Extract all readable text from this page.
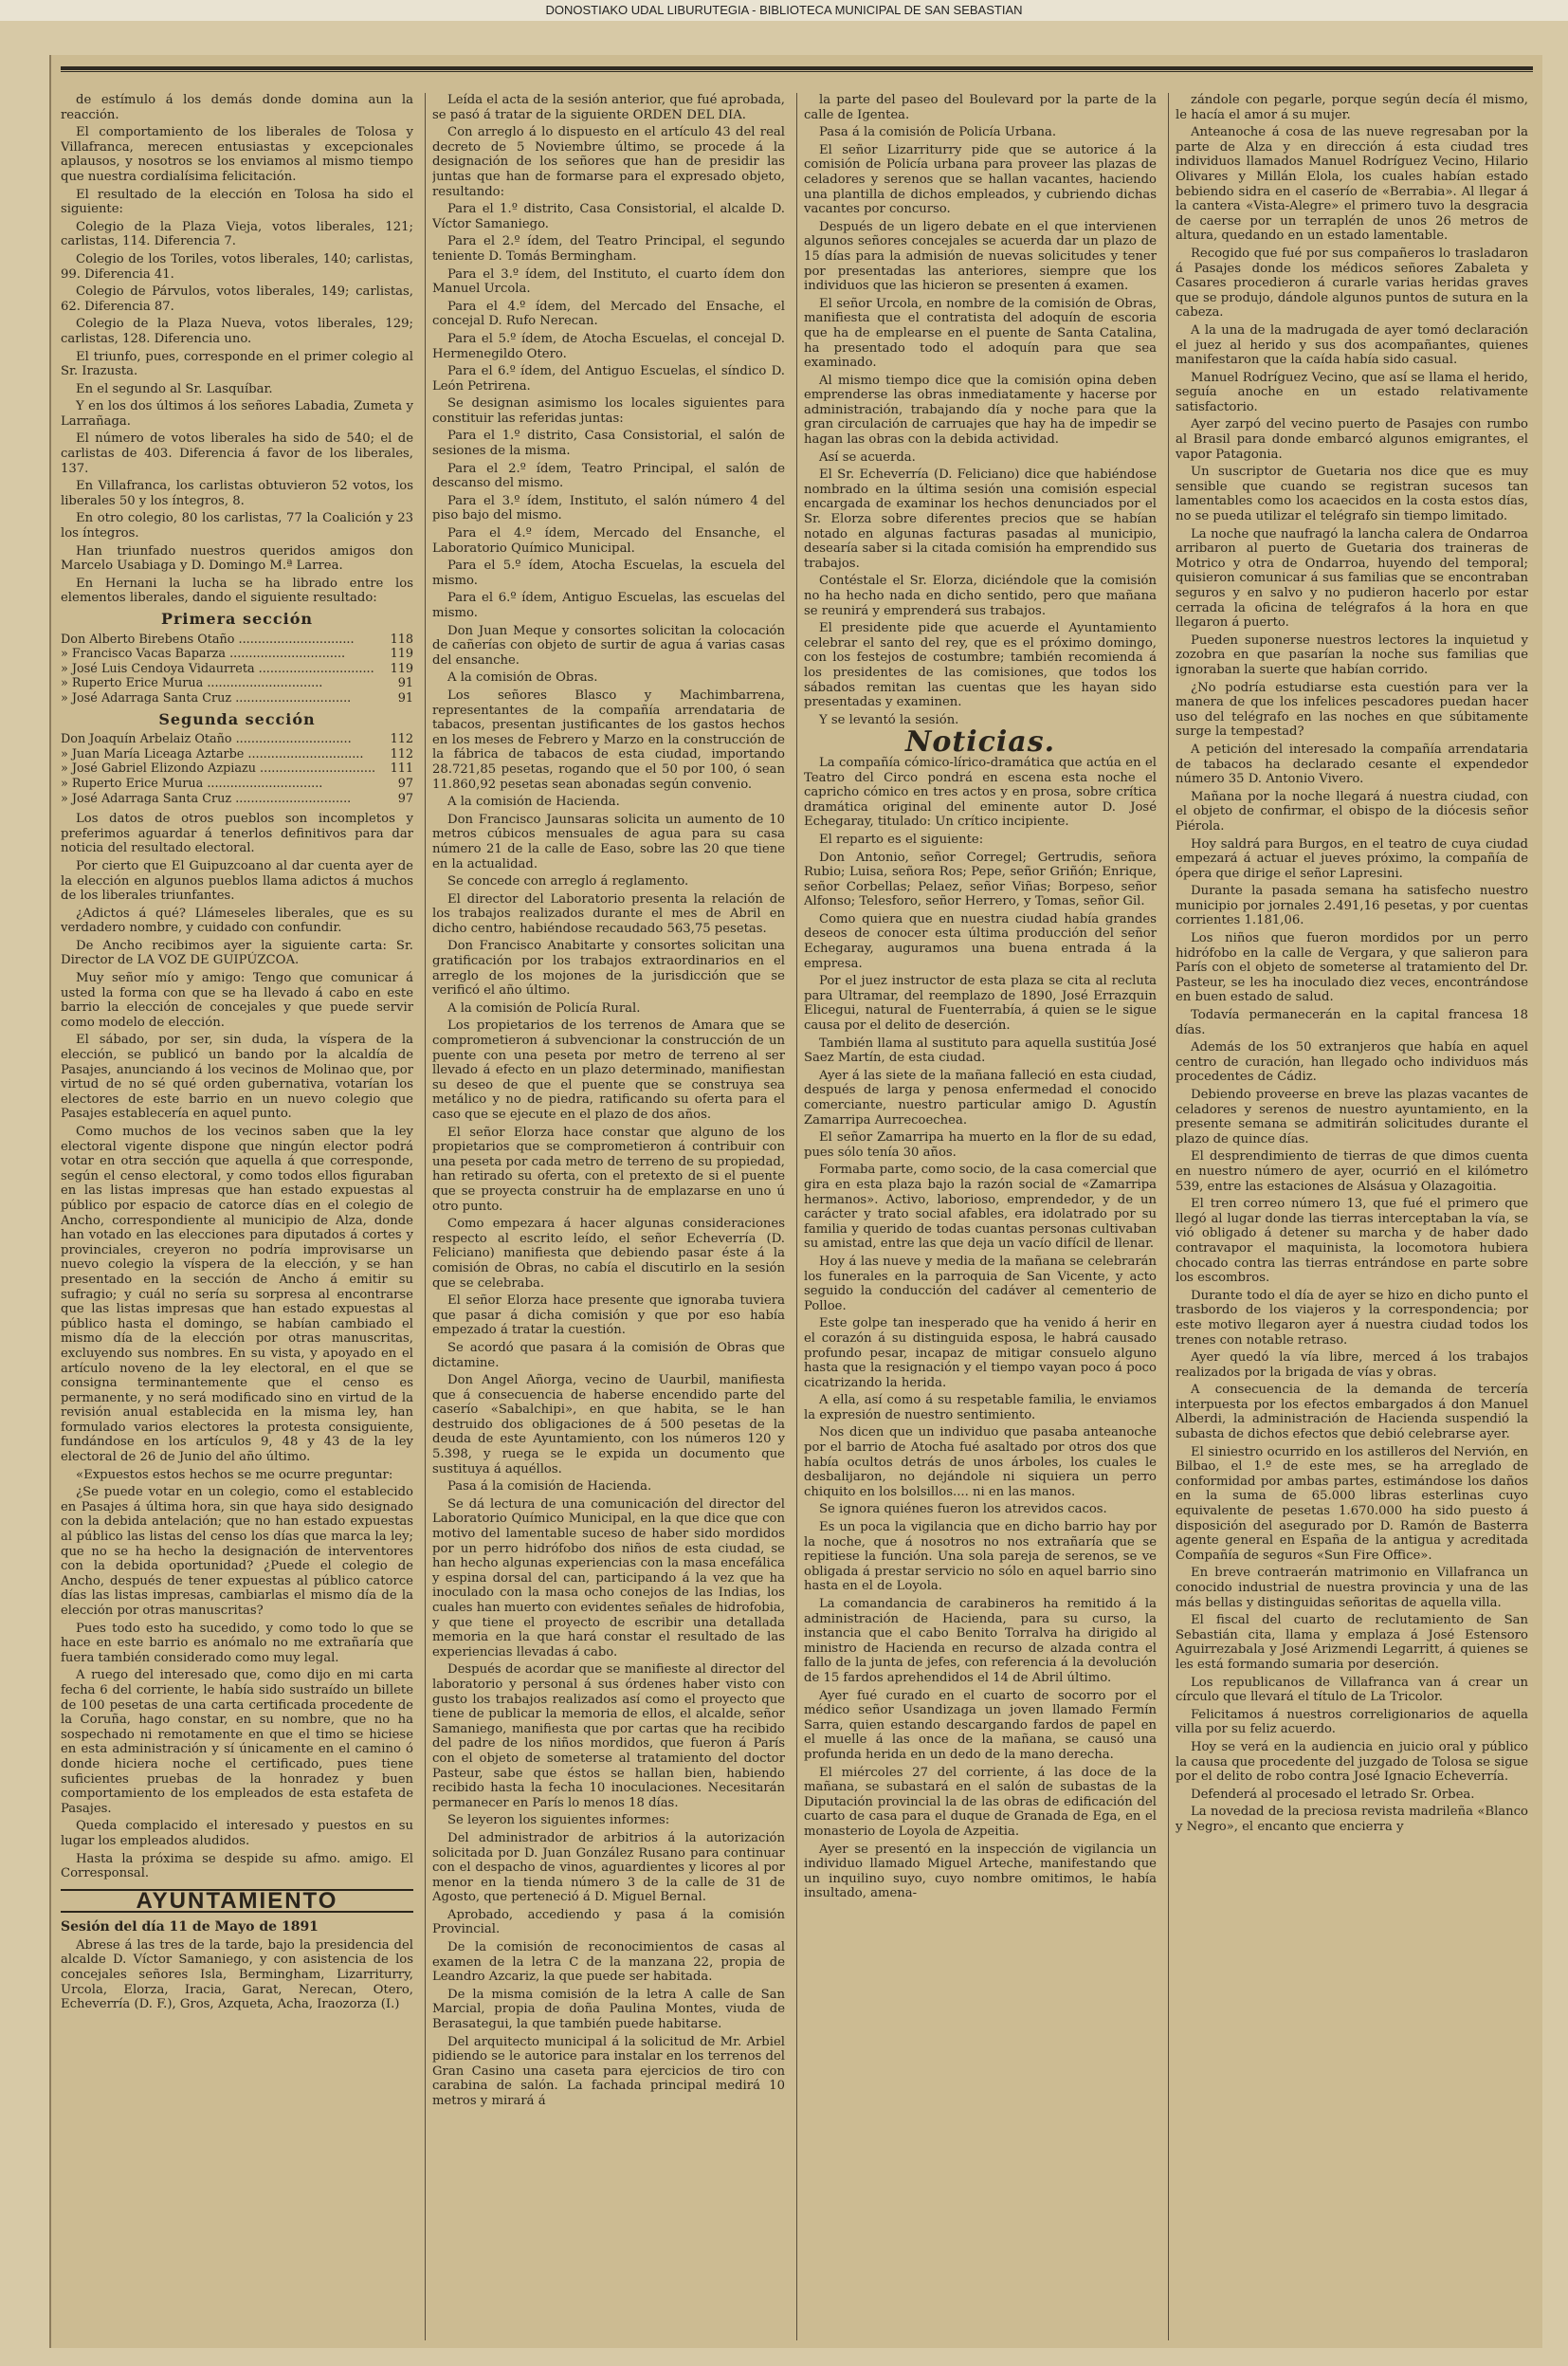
DONOSTIAKO UDAL LIBURUTEGIA - BIBLIOTECA MUNICIPAL DE SAN SEBASTIAN

de estímulo á los demás donde domina aun la reacción.

El comportamiento de los liberales de Tolosa y Villafranca, merecen entusiastas y excepcionales aplausos, y nosotros se los enviamos al mismo tiempo que nuestra cordialísima felicitación.

El resultado de la elección en Tolosa ha sido el siguiente:

Colegio de la Plaza Vieja, votos liberales, 121; carlistas, 114. Diferencia 7.

Colegio de los Toriles, votos liberales, 140; carlistas, 99. Diferencia 41.

Colegio de Párvulos, votos liberales, 149; carlistas, 62. Diferencia 87.

Colegio de la Plaza Nueva, votos liberales, 129; carlistas, 128. Diferencia uno.

El triunfo, pues, corresponde en el primer colegio al Sr. Irazusta.

En el segundo al Sr. Lasquíbar.

Y en los dos últimos á los señores Labadia, Zumeta y Larrañaga.

El número de votos liberales ha sido de 540; el de carlistas de 403. Diferencia á favor de los liberales, 137.

En Villafranca, los carlistas obtuvieron 52 votos, los liberales 50 y los íntegros, 8.

En otro colegio, 80 los carlistas, 77 la Coalición y 23 los íntegros.

Han triunfado nuestros queridos amigos don Marcelo Usabiaga y D. Domingo M.ª Larrea.

En Hernani la lucha se ha librado entre los elementos liberales, dando el siguiente resultado:

Primera sección
Don Alberto Birebens Otaño ..............................	118
» Francisco Vacas Baparza ..............................	119
» José Luis Cendoya Vidaurreta ..............................	119
» Ruperto Erice Murua ..............................	91
» José Adarraga Santa Cruz ..............................	91
Segunda sección
Don Joaquín Arbelaiz Otaño ..............................	112
» Juan María Liceaga Aztarbe ..............................	112
» José Gabriel Elizondo Azpiazu ..............................	111
» Ruperto Erice Murua ..............................	97
» José Adarraga Santa Cruz ..............................	97

Los datos de otros pueblos son incompletos y preferimos aguardar á tenerlos definitivos para dar noticia del resultado electoral.

Por cierto que El Guipuzcoano al dar cuenta ayer de la elección en algunos pueblos llama adictos á muchos de los liberales triunfantes.

¿Adictos á qué? Llámeseles liberales, que es su verdadero nombre, y cuidado con confundir.

De Ancho recibimos ayer la siguiente carta: Sr. Director de LA VOZ DE GUIPÚZCOA.

Muy señor mío y amigo: Tengo que comunicar á usted la forma con que se ha llevado á cabo en este barrio la elección de concejales y que puede servir como modelo de elección.

El sábado, por ser, sin duda, la víspera de la elección, se publicó un bando por la alcaldía de Pasajes, anunciando á los vecinos de Molinao que, por virtud de no sé qué orden gubernativa, votarían los electores de este barrio en un nuevo colegio que Pasajes establecería en aquel punto.

Como muchos de los vecinos saben que la ley electoral vigente dispone que ningún elector podrá votar en otra sección que aquella á que corresponde, según el censo electoral, y como todos ellos figuraban en las listas impresas que han estado expuestas al público por espacio de catorce días en el colegio de Ancho, correspondiente al municipio de Alza, donde han votado en las elecciones para diputados á cortes y provinciales, creyeron no podría improvisarse un nuevo colegio la víspera de la elección, y se han presentado en la sección de Ancho á emitir su sufragio; y cuál no sería su sorpresa al encontrarse que las listas impresas que han estado expuestas al público hasta el domingo, se habían cambiado el mismo día de la elección por otras manuscritas, excluyendo sus nombres. En su vista, y apoyado en el artículo noveno de la ley electoral, en el que se consigna terminantemente que el censo es permanente, y no será modificado sino en virtud de la revisión anual establecida en la misma ley, han formulado varios electores la protesta consiguiente, fundándose en los artículos 9, 48 y 43 de la ley electoral de 26 de Junio del año último.

«Expuestos estos hechos se me ocurre preguntar:

¿Se puede votar en un colegio, como el establecido en Pasajes á última hora, sin que haya sido designado con la debida antelación; que no han estado expuestas al público las listas del censo los días que marca la ley; que no se ha hecho la designación de interventores con la debida oportunidad? ¿Puede el colegio de Ancho, después de tener expuestas al público catorce días las listas impresas, cambiarlas el mismo día de la elección por otras manuscritas?

Pues todo esto ha sucedido, y como todo lo que se hace en este barrio es anómalo no me extrañaría que fuera también considerado como muy legal.

A ruego del interesado que, como dijo en mi carta fecha 6 del corriente, le había sido sustraído un billete de 100 pesetas de una carta certificada procedente de la Coruña, hago constar, en su nombre, que no ha sospechado ni remotamente en que el timo se hiciese en esta administración y sí únicamente en el camino ó donde hiciera noche el certificado, pues tiene suficientes pruebas de la honradez y buen comportamiento de los empleados de esta estafeta de Pasajes.

Queda complacido el interesado y puestos en su lugar los empleados aludidos.

Hasta la próxima se despide su afmo. amigo. El Corresponsal.

AYUNTAMIENTO

Sesión del día 11 de Mayo de 1891

Abrese á las tres de la tarde, bajo la presidencia del alcalde D. Víctor Samaniego, y con asistencia de los concejales señores Isla, Bermingham, Lizarriturry, Urcola, Elorza, Iracia, Garat, Nerecan, Otero, Echeverría (D. F.), Gros, Azqueta, Acha, Iraozorza (I.)

Leída el acta de la sesión anterior, que fué aprobada, se pasó á tratar de la siguiente ORDEN DEL DIA.

Con arreglo á lo dispuesto en el artículo 43 del real decreto de 5 Noviembre último, se procede á la designación de los señores que han de presidir las juntas que han de formarse para el expresado objeto, resultando:

Para el 1.º distrito, Casa Consistorial, el alcalde D. Víctor Samaniego.

Para el 2.º ídem, del Teatro Principal, el segundo teniente D. Tomás Bermingham.

Para el 3.º ídem, del Instituto, el cuarto ídem don Manuel Urcola.

Para el 4.º ídem, del Mercado del Ensache, el concejal D. Rufo Nerecan.

Para el 5.º ídem, de Atocha Escuelas, el concejal D. Hermenegildo Otero.

Para el 6.º ídem, del Antiguo Escuelas, el síndico D. León Petrirena.

Se designan asimismo los locales siguientes para constituir las referidas juntas:

Para el 1.º distrito, Casa Consistorial, el salón de sesiones de la misma.

Para el 2.º ídem, Teatro Principal, el salón de descanso del mismo.

Para el 3.º ídem, Instituto, el salón número 4 del piso bajo del mismo.

Para el 4.º ídem, Mercado del Ensanche, el Laboratorio Químico Municipal.

Para el 5.º ídem, Atocha Escuelas, la escuela del mismo.

Para el 6.º ídem, Antiguo Escuelas, las escuelas del mismo.

Don Juan Meque y consortes solicitan la colocación de cañerías con objeto de surtir de agua á varias casas del ensanche.

A la comisión de Obras.

Los señores Blasco y Machimbarrena, representantes de la compañía arrendataria de tabacos, presentan justificantes de los gastos hechos en los meses de Febrero y Marzo en la construcción de la fábrica de tabacos de esta ciudad, importando 28.721,85 pesetas, rogando que el 50 por 100, ó sean 11.860,92 pesetas sean abonadas según convenio.

A la comisión de Hacienda.

Don Francisco Jaunsaras solicita un aumento de 10 metros cúbicos mensuales de agua para su casa número 21 de la calle de Easo, sobre las 20 que tiene en la actualidad.

Se concede con arreglo á reglamento.

El director del Laboratorio presenta la relación de los trabajos realizados durante el mes de Abril en dicho centro, habiéndose recaudado 563,75 pesetas.

Don Francisco Anabitarte y consortes solicitan una gratificación por los trabajos extraordinarios en el arreglo de los mojones de la jurisdicción que se verificó el año último.

A la comisión de Policía Rural.

Los propietarios de los terrenos de Amara que se comprometieron á subvencionar la construcción de un puente con una peseta por metro de terreno al ser llevado á efecto en un plazo determinado, manifiestan su deseo de que el puente que se construya sea metálico y no de piedra, ratificando su oferta para el caso que se ejecute en el plazo de dos años.

El señor Elorza hace constar que alguno de los propietarios que se comprometieron á contribuir con una peseta por cada metro de terreno de su propiedad, han retirado su oferta, con el pretexto de si el puente que se proyecta construir ha de emplazarse en uno ú otro punto.

Como empezara á hacer algunas consideraciones respecto al escrito leído, el señor Echeverría (D. Feliciano) manifiesta que debiendo pasar éste á la comisión de Obras, no cabía el discutirlo en la sesión que se celebraba.

El señor Elorza hace presente que ignoraba tuviera que pasar á dicha comisión y que por eso había empezado á tratar la cuestión.

Se acordó que pasara á la comisión de Obras que dictamine.

Don Angel Añorga, vecino de Uaurbil, manifiesta que á consecuencia de haberse encendido parte del caserío «Sabalchipi», en que habita, se le han destruido dos obligaciones de á 500 pesetas de la deuda de este Ayuntamiento, con los números 120 y 5.398, y ruega se le expida un documento que sustituya á aquéllos.

Pasa á la comisión de Hacienda.

Se dá lectura de una comunicación del director del Laboratorio Químico Municipal, en la que dice que con motivo del lamentable suceso de haber sido mordidos por un perro hidrófobo dos niños de esta ciudad, se han hecho algunas experiencias con la masa encefálica y espina dorsal del can, participando á la vez que ha inoculado con la masa ocho conejos de las Indias, los cuales han muerto con evidentes señales de hidrofobia, y que tiene el proyecto de escribir una detallada memoria en la que hará constar el resultado de las experiencias llevadas á cabo.

Después de acordar que se manifieste al director del laboratorio y personal á sus órdenes haber visto con gusto los trabajos realizados así como el proyecto que tiene de publicar la memoria de ellos, el alcalde, señor Samaniego, manifiesta que por cartas que ha recibido del padre de los niños mordidos, que fueron á París con el objeto de someterse al tratamiento del doctor Pasteur, sabe que éstos se hallan bien, habiendo recibido hasta la fecha 10 inoculaciones. Necesitarán permanecer en París lo menos 18 días.

Se leyeron los siguientes informes:

Del administrador de arbitrios á la autorización solicitada por D. Juan González Rusano para continuar con el despacho de vinos, aguardientes y licores al por menor en la tienda número 3 de la calle de 31 de Agosto, que perteneció á D. Miguel Bernal.

Aprobado, accediendo y pasa á la comisión Provincial.

De la comisión de reconocimientos de casas al examen de la letra C de la manzana 22, propia de Leandro Azcariz, la que puede ser habitada.

De la misma comisión de la letra A calle de San Marcial, propia de doña Paulina Montes, viuda de Berasategui, la que también puede habitarse.

Del arquitecto municipal á la solicitud de Mr. Arbiel pidiendo se le autorice para instalar en los terrenos del Gran Casino una caseta para ejercicios de tiro con carabina de salón. La fachada principal medirá 10 metros y mirará á

la parte del paseo del Boulevard por la parte de la calle de Igentea.

Pasa á la comisión de Policía Urbana.

El señor Lizarriturry pide que se autorice á la comisión de Policía urbana para proveer las plazas de celadores y serenos que se hallan vacantes, haciendo una plantilla de dichos empleados, y cubriendo dichas vacantes por concurso.

Después de un ligero debate en el que intervienen algunos señores concejales se acuerda dar un plazo de 15 días para la admisión de nuevas solicitudes y tener por presentadas las anteriores, siempre que los individuos que las hicieron se presenten á examen.

El señor Urcola, en nombre de la comisión de Obras, manifiesta que el contratista del adoquín de escoria que ha de emplearse en el puente de Santa Catalina, ha presentado todo el adoquín para que sea examinado.

Al mismo tiempo dice que la comisión opina deben emprenderse las obras inmediatamente y hacerse por administración, trabajando día y noche para que la gran circulación de carruajes que hay ha de impedir se hagan las obras con la debida actividad.

Así se acuerda.

El Sr. Echeverría (D. Feliciano) dice que habiéndose nombrado en la última sesión una comisión especial encargada de examinar los hechos denunciados por el Sr. Elorza sobre diferentes precios que se habían notado en algunas facturas pasadas al municipio, desearía saber si la citada comisión ha emprendido sus trabajos.

Contéstale el Sr. Elorza, diciéndole que la comisión no ha hecho nada en dicho sentido, pero que mañana se reunirá y emprenderá sus trabajos.

El presidente pide que acuerde el Ayuntamiento celebrar el santo del rey, que es el próximo domingo, con los festejos de costumbre; también recomienda á los presidentes de las comisiones, que todos los sábados remitan las cuentas que les hayan sido presentadas y examinen.

Y se levantó la sesión.

Noticias.

La compañía cómico-lírico-dramática que actúa en el Teatro del Circo pondrá en escena esta noche el capricho cómico en tres actos y en prosa, sobre crítica dramática original del eminente autor D. José Echegaray, titulado: Un crítico incipiente.

El reparto es el siguiente:

Don Antonio, señor Corregel; Gertrudis, señora Rubio; Luisa, señora Ros; Pepe, señor Griñón; Enrique, señor Corbellas; Pelaez, señor Viñas; Borpeso, señor Alfonso; Telesforo, señor Herrero, y Tomas, señor Gil.

Como quiera que en nuestra ciudad había grandes deseos de conocer esta última producción del señor Echegaray, auguramos una buena entrada á la empresa.

Por el juez instructor de esta plaza se cita al recluta para Ultramar, del reemplazo de 1890, José Errazquin Elicegui, natural de Fuenterrabía, á quien se le sigue causa por el delito de deserción.

También llama al sustituto para aquella sustitúa José Saez Martín, de esta ciudad.

Ayer á las siete de la mañana falleció en esta ciudad, después de larga y penosa enfermedad el conocido comerciante, nuestro particular amigo D. Agustín Zamarripa Aurrecoechea.

El señor Zamarripa ha muerto en la flor de su edad, pues sólo tenía 30 años.

Formaba parte, como socio, de la casa comercial que gira en esta plaza bajo la razón social de «Zamarripa hermanos». Activo, laborioso, emprendedor, y de un carácter y trato social afables, era idolatrado por su familia y querido de todas cuantas personas cultivaban su amistad, entre las que deja un vacío difícil de llenar.

Hoy á las nueve y media de la mañana se celebrarán los funerales en la parroquia de San Vicente, y acto seguido la conducción del cadáver al cementerio de Polloe.

Este golpe tan inesperado que ha venido á herir en el corazón á su distinguida esposa, le habrá causado profundo pesar, incapaz de mitigar consuelo alguno hasta que la resignación y el tiempo vayan poco á poco cicatrizando la herida.

A ella, así como á su respetable familia, le enviamos la expresión de nuestro sentimiento.

Nos dicen que un individuo que pasaba anteanoche por el barrio de Atocha fué asaltado por otros dos que había ocultos detrás de unos árboles, los cuales le desbalijaron, no dejándole ni siquiera un perro chiquito en los bolsillos.... ni en las manos.

Se ignora quiénes fueron los atrevidos cacos.

Es un poca la vigilancia que en dicho barrio hay por la noche, que á nosotros no nos extrañaría que se repitiese la función. Una sola pareja de serenos, se ve obligada á prestar servicio no sólo en aquel barrio sino hasta en el de Loyola.

La comandancia de carabineros ha remitido á la administración de Hacienda, para su curso, la instancia que el cabo Benito Torralva ha dirigido al ministro de Hacienda en recurso de alzada contra el fallo de la junta de jefes, con referencia á la devolución de 15 fardos aprehendidos el 14 de Abril último.

Ayer fué curado en el cuarto de socorro por el médico señor Usandizaga un joven llamado Fermín Sarra, quien estando descargando fardos de papel en el muelle á las once de la mañana, se causó una profunda herida en un dedo de la mano derecha.

El miércoles 27 del corriente, á las doce de la mañana, se subastará en el salón de subastas de la Diputación provincial la de las obras de edificación del cuarto de casa para el duque de Granada de Ega, en el monasterio de Loyola de Azpeitia.

Ayer se presentó en la inspección de vigilancia un individuo llamado Miguel Arteche, manifestando que un inquilino suyo, cuyo nombre omitimos, le había insultado, amena-

zándole con pegarle, porque según decía él mismo, le hacía el amor á su mujer.

Anteanoche á cosa de las nueve regresaban por la parte de Alza y en dirección á esta ciudad tres individuos llamados Manuel Rodríguez Vecino, Hilario Olivares y Millán Elola, los cuales habían estado bebiendo sidra en el caserío de «Berrabia». Al llegar á la cantera «Vista-Alegre» el primero tuvo la desgracia de caerse por un terraplén de unos 26 metros de altura, quedando en un estado lamentable.

Recogido que fué por sus compañeros lo trasladaron á Pasajes donde los médicos señores Zabaleta y Casares procedieron á curarle varias heridas graves que se produjo, dándole algunos puntos de sutura en la cabeza.

A la una de la madrugada de ayer tomó declaración el juez al herido y sus dos acompañantes, quienes manifestaron que la caída había sido casual.

Manuel Rodríguez Vecino, que así se llama el herido, seguía anoche en un estado relativamente satisfactorio.

Ayer zarpó del vecino puerto de Pasajes con rumbo al Brasil para donde embarcó algunos emigrantes, el vapor Patagonia.

Un suscriptor de Guetaria nos dice que es muy sensible que cuando se registran sucesos tan lamentables como los acaecidos en la costa estos días, no se pueda utilizar el telégrafo sin tiempo limitado.

La noche que naufragó la lancha calera de Ondarroa arribaron al puerto de Guetaria dos traineras de Motrico y otra de Ondarroa, huyendo del temporal; quisieron comunicar á sus familias que se encontraban seguros y en salvo y no pudieron hacerlo por estar cerrada la oficina de telégrafos á la hora en que llegaron á puerto.

Pueden suponerse nuestros lectores la inquietud y zozobra en que pasarían la noche sus familias que ignoraban la suerte que habían corrido.

¿No podría estudiarse esta cuestión para ver la manera de que los infelices pescadores puedan hacer uso del telégrafo en las noches en que súbitamente surge la tempestad?

A petición del interesado la compañía arrendataria de tabacos ha declarado cesante el expendedor número 35 D. Antonio Vivero.

Mañana por la noche llegará á nuestra ciudad, con el objeto de confirmar, el obispo de la diócesis señor Piérola.

Hoy saldrá para Burgos, en el teatro de cuya ciudad empezará á actuar el jueves próximo, la compañía de ópera que dirige el señor Lapresini.

Durante la pasada semana ha satisfecho nuestro municipio por jornales 2.491,16 pesetas, y por cuentas corrientes 1.181,06.

Los niños que fueron mordidos por un perro hidrófobo en la calle de Vergara, y que salieron para París con el objeto de someterse al tratamiento del Dr. Pasteur, se les ha inoculado diez veces, encontrándose en buen estado de salud.

Todavía permanecerán en la capital francesa 18 días.

Además de los 50 extranjeros que había en aquel centro de curación, han llegado ocho individuos más procedentes de Cádiz.

Debiendo proveerse en breve las plazas vacantes de celadores y serenos de nuestro ayuntamiento, en la presente semana se admitirán solicitudes durante el plazo de quince días.

El desprendimiento de tierras de que dimos cuenta en nuestro número de ayer, ocurrió en el kilómetro 539, entre las estaciones de Alsásua y Olazagoitia.

El tren correo número 13, que fué el primero que llegó al lugar donde las tierras interceptaban la vía, se vió obligado á detener su marcha y de haber dado contravapor el maquinista, la locomotora hubiera chocado contra las tierras entrándose en parte sobre los escombros.

Durante todo el día de ayer se hizo en dicho punto el trasbordo de los viajeros y la correspondencia; por este motivo llegaron ayer á nuestra ciudad todos los trenes con notable retraso.

Ayer quedó la vía libre, merced á los trabajos realizados por la brigada de vías y obras.

A consecuencia de la demanda de tercería interpuesta por los efectos embargados á don Manuel Alberdi, la administración de Hacienda suspendió la subasta de dichos efectos que debió celebrarse ayer.

El siniestro ocurrido en los astilleros del Nervión, en Bilbao, el 1.º de este mes, se ha arreglado de conformidad por ambas partes, estimándose los daños en la suma de 65.000 libras esterlinas cuyo equivalente de pesetas 1.670.000 ha sido puesto á disposición del asegurado por D. Ramón de Basterra agente general en España de la antigua y acreditada Compañía de seguros «Sun Fire Office».

En breve contraerán matrimonio en Villafranca un conocido industrial de nuestra provincia y una de las más bellas y distinguidas señoritas de aquella villa.

El fiscal del cuarto de reclutamiento de San Sebastián cita, llama y emplaza á José Estensoro Aguirrezabala y José Arizmendi Legarritt, á quienes se les está formando sumaria por deserción.

Los republicanos de Villafranca van á crear un círculo que llevará el título de La Tricolor.

Felicitamos á nuestros correligionarios de aquella villa por su feliz acuerdo.

Hoy se verá en la audiencia en juicio oral y público la causa que procedente del juzgado de Tolosa se sigue por el delito de robo contra José Ignacio Echeverría.

Defenderá al procesado el letrado Sr. Orbea.

La novedad de la preciosa revista madrileña «Blanco y Negro», el encanto que encierra y
